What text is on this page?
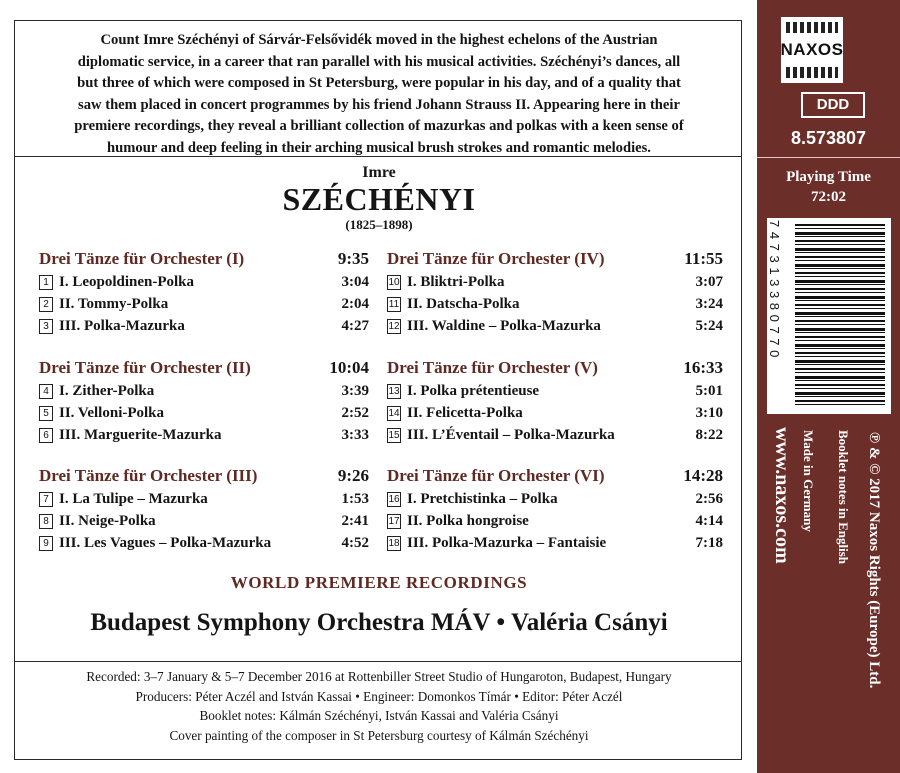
Count Imre Széchényi of Sárvár-Felsővidék moved in the highest echelons of the Austrian
diplomatic service, in a career that ran parallel with his musical activities. Széchényi’s dances, all
but three of which were composed in St Petersburg, were popular in his day, and of a quality that
saw them placed in concert programmes by his friend Johann Strauss II. Appearing here in their
premiere recordings, they reveal a brilliant collection of mazurkas and polkas with a keen sense of
humour and deep feeling in their arching musical brush strokes and romantic melodies.
Imre
SZÉCHÉNYI
(1825–1898)
Drei Tänze für Orchester (I)	9:35
1 I. Leopoldinen-Polka	3:04
2 II. Tommy-Polka	2:04
3 III. Polka-Mazurka	4:27
Drei Tänze für Orchester (II)	10:04
4 I. Zither-Polka	3:39
5 II. Velloni-Polka	2:52
6 III. Marguerite-Mazurka	3:33
Drei Tänze für Orchester (III)	9:26
7 I. La Tulipe – Mazurka	1:53
8 II. Neige-Polka	2:41
9 III. Les Vagues – Polka-Mazurka	4:52
Drei Tänze für Orchester (IV)	11:55
10 I. Bliktri-Polka	3:07
11 II. Datscha-Polka	3:24
12 III. Waldine – Polka-Mazurka	5:24
Drei Tänze für Orchester (V)	16:33
13 I. Polka prétentieuse	5:01
14 II. Felicetta-Polka	3:10
15 III. L’Éventail – Polka-Mazurka	8:22
Drei Tänze für Orchester (VI)	14:28
16 I. Pretchistinka – Polka	2:56
17 II. Polka hongroise	4:14
18 III. Polka-Mazurka – Fantaisie	7:18
WORLD PREMIERE RECORDINGS
Budapest Symphony Orchestra MÁV • Valéria Csányi
Recorded: 3–7 January & 5–7 December 2016 at Rottenbiller Street Studio of Hungaroton, Budapest, Hungary
Producers: Péter Aczél and István Kassai • Engineer: Domonkos Tímár • Editor: Péter Aczél
Booklet notes: Kálmán Széchényi, István Kassai and Valéria Csányi
Cover painting of the composer in St Petersburg courtesy of Kálmán Széchényi
NAXOS
DDD
8.573807
Playing Time
72:02
747313380770
www.naxos.com Made in Germany Booklet notes in English ℗ & © 2017 Naxos Rights (Europe) Ltd.
